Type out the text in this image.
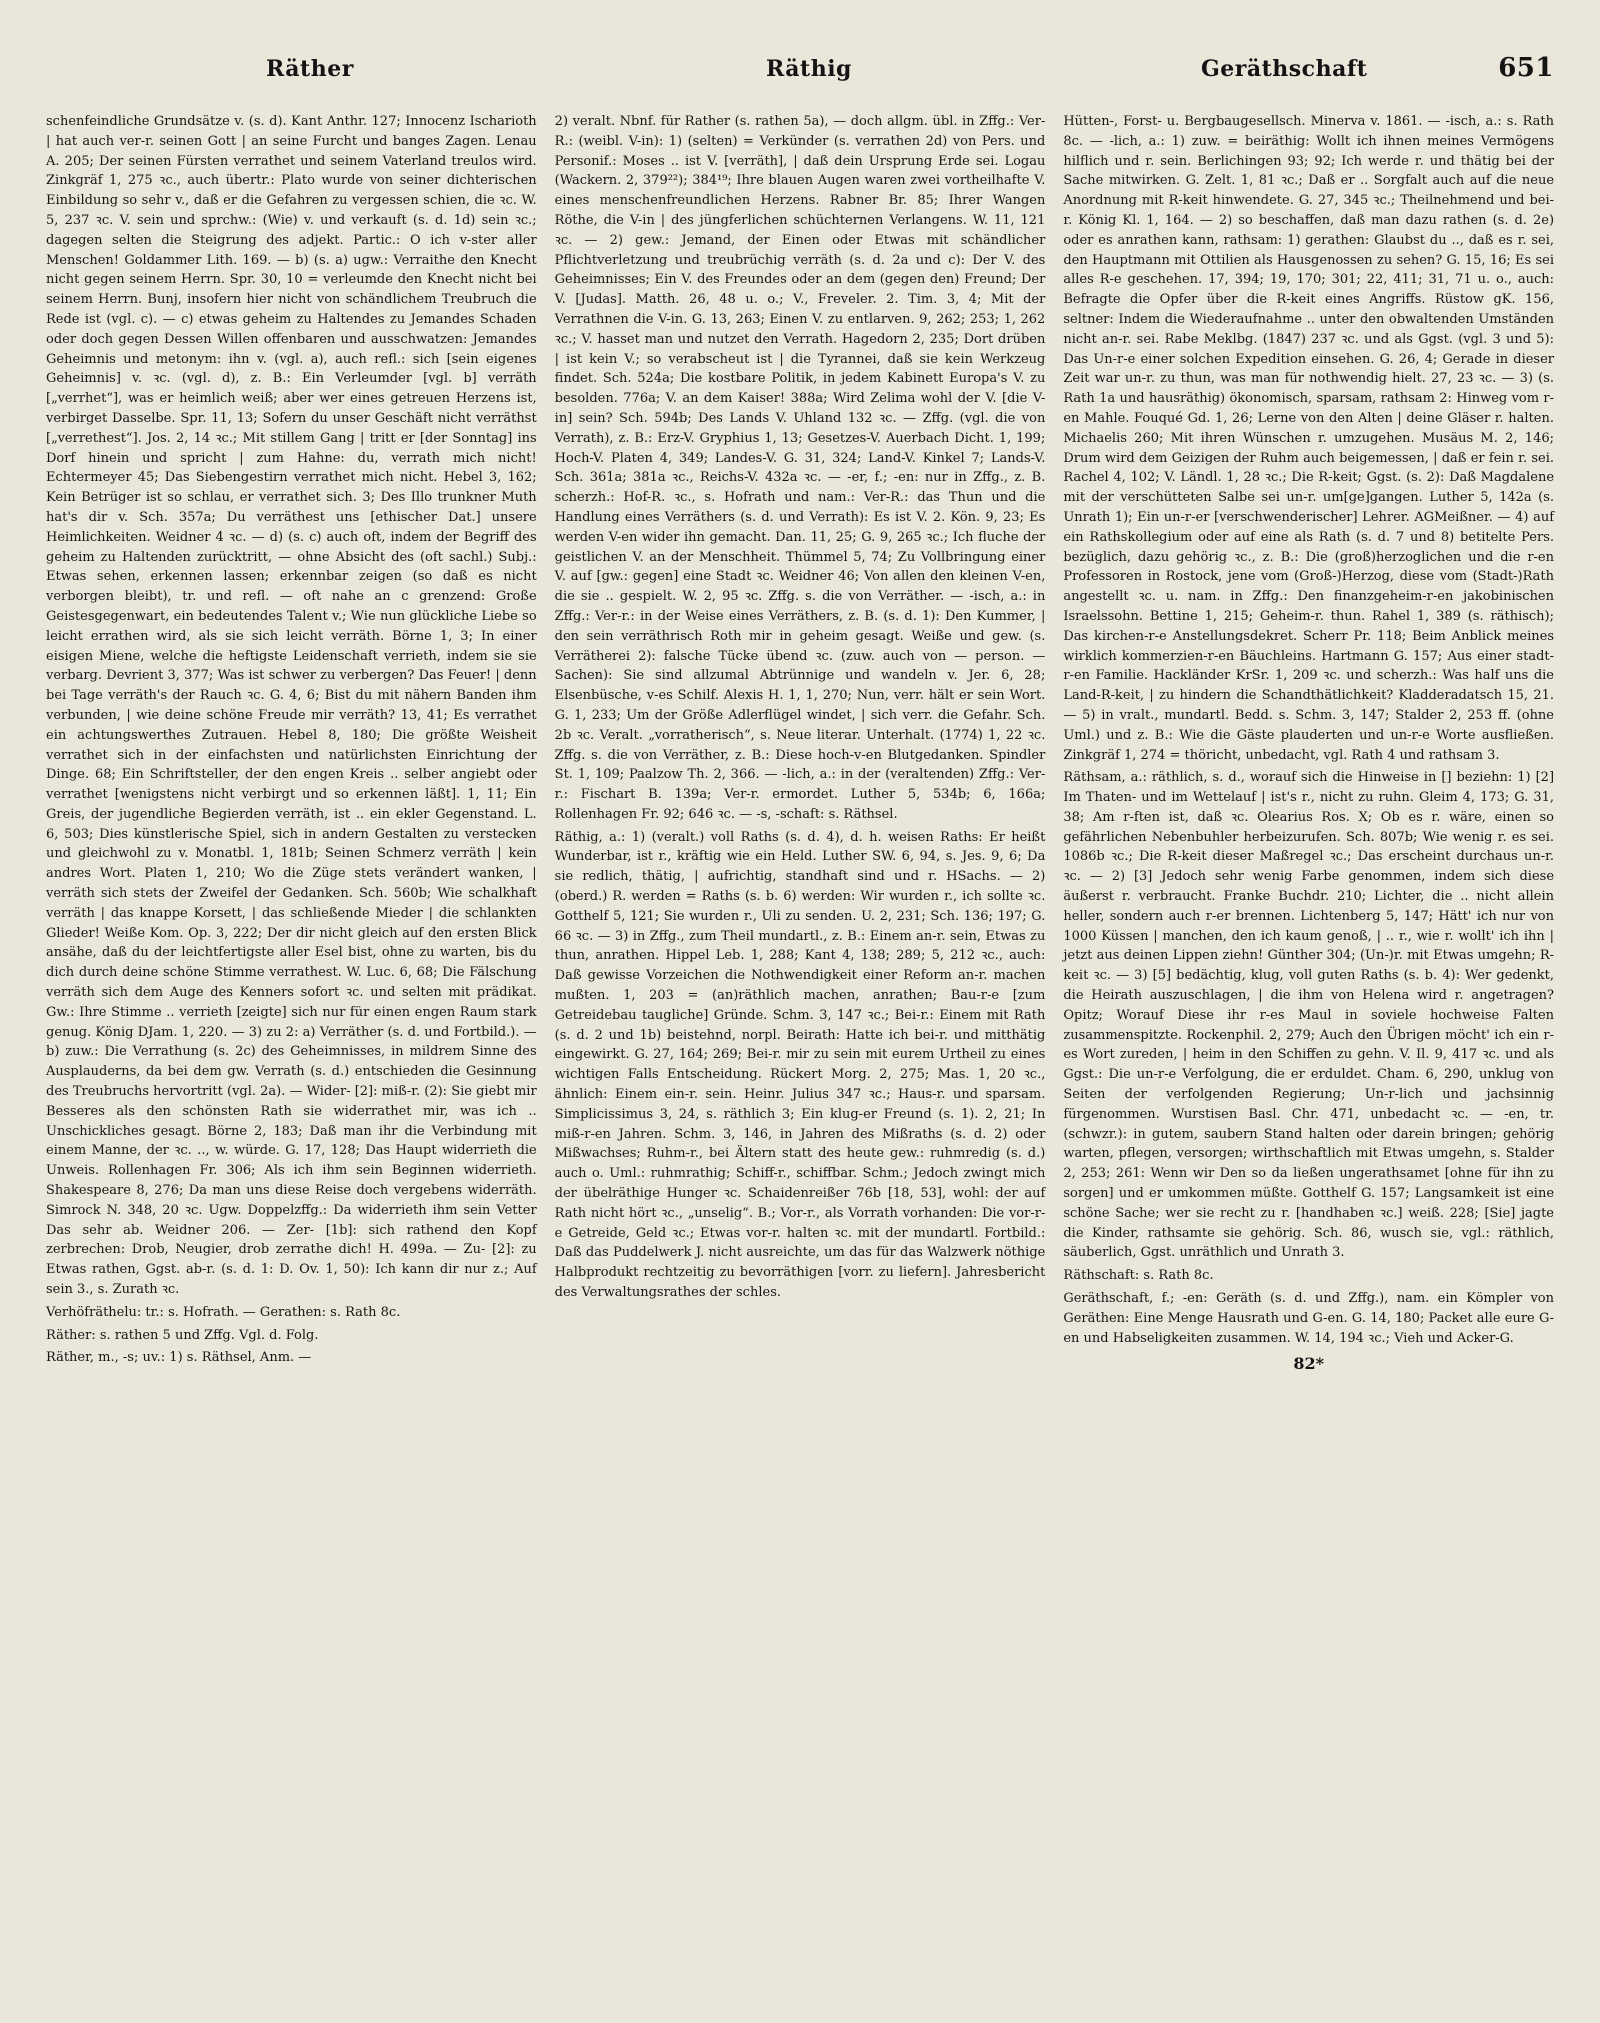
Räther	Räthig	Geräthschaft	651

schenfeindliche Grundsätze v. (s. d). Kant Anthr. 127; Innocenz Ischarioth | hat auch ver-r. seinen Gott | an seine Furcht und banges Zagen. Lenau A. 205; Der seinen Fürsten verrathet und seinem Vaterland treulos wird. Zinkgräf 1, 275 ꝛc., auch übertr.: Plato wurde von seiner dichterischen Einbildung so sehr v., daß er die Gefahren zu vergessen schien, die ꝛc. W. 5, 237 ꝛc. V. sein und sprchw.: (Wie) v. und verkauft (s. d. 1d) sein ꝛc.; dagegen selten die Steigrung des adjekt. Partic.: O ich v-ster aller Menschen! Goldammer Lith. 169. — b) (s. a) ugw.: Verraithe den Knecht nicht gegen seinem Herrn. Spr. 30, 10 = verleumde den Knecht nicht bei seinem Herrn. Bunj, insofern hier nicht von schändlichem Treubruch die Rede ist (vgl. c). — c) etwas geheim zu Haltendes zu Jemandes Schaden oder doch gegen Dessen Willen offenbaren und ausschwatzen: Jemandes Geheimnis und metonym: ihn v. (vgl. a), auch refl.: sich [sein eigenes Geheimnis] v. ꝛc. (vgl. d), z. B.: Ein Verleumder [vgl. b] verräth [„verrhet“], was er heimlich weiß; aber wer eines getreuen Herzens ist, verbirget Dasselbe. Spr. 11, 13; Sofern du unser Geschäft nicht verräthst [„verrethest“]. Jos. 2, 14 ꝛc.; Mit stillem Gang | tritt er [der Sonntag] ins Dorf hinein und spricht | zum Hahne: du, verrath mich nicht! Echtermeyer 45; Das Siebengestirn verrathet mich nicht. Hebel 3, 162; Kein Betrüger ist so schlau, er verrathet sich. 3; Des Illo trunkner Muth hat's dir v. Sch. 357a; Du verräthest uns [ethischer Dat.] unsere Heimlichkeiten. Weidner 4 ꝛc. — d) (s. c) auch oft, indem der Begriff des geheim zu Haltenden zurücktritt, — ohne Absicht des (oft sachl.) Subj.: Etwas sehen, erkennen lassen; erkennbar zeigen (so daß es nicht verborgen bleibt), tr. und refl. — oft nahe an c grenzend: Große Geistesgegenwart, ein bedeutendes Talent v.; Wie nun glückliche Liebe so leicht errathen wird, als sie sich leicht verräth. Börne 1, 3; In einer eisigen Miene, welche die heftigste Leidenschaft verrieth, indem sie sie verbarg. Devrient 3, 377; Was ist schwer zu verbergen? Das Feuer! | denn bei Tage verräth's der Rauch ꝛc. G. 4, 6; Bist du mit nähern Banden ihm verbunden, | wie deine schöne Freude mir verräth? 13, 41; Es verrathet ein achtungswerthes Zutrauen. Hebel 8, 180; Die größte Weisheit verrathet sich in der einfachsten und natürlichsten Einrichtung der Dinge. 68; Ein Schriftsteller, der den engen Kreis .. selber angiebt oder verrathet [wenigstens nicht verbirgt und so erkennen läßt]. 1, 11; Ein Greis, der jugendliche Begierden verräth, ist .. ein ekler Gegenstand. L. 6, 503; Dies künstlerische Spiel, sich in andern Gestalten zu verstecken und gleichwohl zu v. Monatbl. 1, 181b; Seinen Schmerz verräth | kein andres Wort. Platen 1, 210; Wo die Züge stets verändert wanken, | verräth sich stets der Zweifel der Gedanken. Sch. 560b; Wie schalkhaft verräth | das knappe Korsett, | das schließende Mieder | die schlankten Glieder! Weiße Kom. Op. 3, 222; Der dir nicht gleich auf den ersten Blick ansähe, daß du der leichtfertigste aller Esel bist, ohne zu warten, bis du dich durch deine schöne Stimme verrathest. W. Luc. 6, 68; Die Fälschung verräth sich dem Auge des Kenners sofort ꝛc. und selten mit prädikat. Gw.: Ihre Stimme .. verrieth [zeigte] sich nur für einen engen Raum stark genug. König DJam. 1, 220. — 3) zu 2: a) Verräther (s. d. und Fortbild.). — b) zuw.: Die Verrathung (s. 2c) des Geheimnisses, in mildrem Sinne des Ausplauderns, da bei dem gw. Verrath (s. d.) entschieden die Gesinnung des Treubruchs hervortritt (vgl. 2a). — Wider- [2]: miß-r. (2): Sie giebt mir Besseres als den schönsten Rath sie widerrathet mir, was ich .. Unschickliches gesagt. Börne 2, 183; Daß man ihr die Verbindung mit einem Manne, der ꝛc. .., w. würde. G. 17, 128; Das Haupt widerrieth die Unweis. Rollenhagen Fr. 306; Als ich ihm sein Beginnen widerrieth. Shakespeare 8, 276; Da man uns diese Reise doch vergebens widerräth. Simrock N. 348, 20 ꝛc. Ugw. Doppelzffg.: Da widerrieth ihm sein Vetter Das sehr ab. Weidner 206. — Zer- [1b]: sich rathend den Kopf zerbrechen: Drob, Neugier, drob zerrathe dich! H. 499a. — Zu- [2]: zu Etwas rathen, Ggst. ab-r. (s. d. 1: D. Ov. 1, 50): Ich kann dir nur z.; Auf sein 3., s. Zurath ꝛc.

Verhöfräthelu: tr.: s. Hofrath. — Gerathen: s. Rath 8c.

Räther: s. rathen 5 und Zffg. Vgl. d. Folg.

Räther, m., -s; uv.: 1) s. Räthsel, Anm. —

2) veralt. Nbnf. für Rather (s. rathen 5a), — doch allgm. übl. in Zffg.: Ver-R.: (weibl. V-in): 1) (selten) = Verkünder (s. verrathen 2d) von Pers. und Personif.: Moses .. ist V. [verräth], | daß dein Ursprung Erde sei. Logau (Wackern. 2, 379²²); 384¹⁹; Ihre blauen Augen waren zwei vortheilhafte V. eines menschenfreundlichen Herzens. Rabner Br. 85; Ihrer Wangen Röthe, die V-in | des jüngferlichen schüchternen Verlangens. W. 11, 121 ꝛc. — 2) gew.: Jemand, der Einen oder Etwas mit schändlicher Pflichtverletzung und treubrüchig verräth (s. d. 2a und c): Der V. des Geheimnisses; Ein V. des Freundes oder an dem (gegen den) Freund; Der V. [Judas]. Matth. 26, 48 u. o.; V., Freveler. 2. Tim. 3, 4; Mit der Verrathnen die V-in. G. 13, 263; Einen V. zu entlarven. 9, 262; 253; 1, 262 ꝛc.; V. hasset man und nutzet den Verrath. Hagedorn 2, 235; Dort drüben | ist kein V.; so verabscheut ist | die Tyrannei, daß sie kein Werkzeug findet. Sch. 524a; Die kostbare Politik, in jedem Kabinett Europa's V. zu besolden. 776a; V. an dem Kaiser! 388a; Wird Zelima wohl der V. [die V-in] sein? Sch. 594b; Des Lands V. Uhland 132 ꝛc. — Zffg. (vgl. die von Verrath), z. B.: Erz-V. Gryphius 1, 13; Gesetzes-V. Auerbach Dicht. 1, 199; Hoch-V. Platen 4, 349; Landes-V. G. 31, 324; Land-V. Kinkel 7; Lands-V. Sch. 361a; 381a ꝛc., Reichs-V. 432a ꝛc. — -er, f.; -en: nur in Zffg., z. B. scherzh.: Hof-R. ꝛc., s. Hofrath und nam.: Ver-R.: das Thun und die Handlung eines Verräthers (s. d. und Verrath): Es ist V. 2. Kön. 9, 23; Es werden V-en wider ihn gemacht. Dan. 11, 25; G. 9, 265 ꝛc.; Ich fluche der geistlichen V. an der Menschheit. Thümmel 5, 74; Zu Vollbringung einer V. auf [gw.: gegen] eine Stadt ꝛc. Weidner 46; Von allen den kleinen V-en, die sie .. gespielt. W. 2, 95 ꝛc. Zffg. s. die von Verräther. — -isch, a.: in Zffg.: Ver-r.: in der Weise eines Verräthers, z. B. (s. d. 1): Den Kummer, | den sein verräthrisch Roth mir in geheim gesagt. Weiße und gew. (s. Verrätherei 2): falsche Tücke übend ꝛc. (zuw. auch von — person. — Sachen): Sie sind allzumal Abtrünnige und wandeln v. Jer. 6, 28; Elsenbüsche, v-es Schilf. Alexis H. 1, 1, 270; Nun, verr. hält er sein Wort. G. 1, 233; Um der Größe Adlerflügel windet, | sich verr. die Gefahr. Sch. 2b ꝛc. Veralt. „vorratherisch“, s. Neue literar. Unterhalt. (1774) 1, 22 ꝛc. Zffg. s. die von Verräther, z. B.: Diese hoch-v-en Blutgedanken. Spindler St. 1, 109; Paalzow Th. 2, 366. — -lich, a.: in der (veraltenden) Zffg.: Ver-r.: Fischart B. 139a; Ver-r. ermordet. Luther 5, 534b; 6, 166a; Rollenhagen Fr. 92; 646 ꝛc. — -s, -schaft: s. Räthsel.

Räthig, a.: 1) (veralt.) voll Raths (s. d. 4), d. h. weisen Raths: Er heißt Wunderbar, ist r., kräftig wie ein Held. Luther SW. 6, 94, s. Jes. 9, 6; Da sie redlich, thätig, | aufrichtig, standhaft sind und r. HSachs. — 2) (oberd.) R. werden = Raths (s. b. 6) werden: Wir wurden r., ich sollte ꝛc. Gotthelf 5, 121; Sie wurden r., Uli zu senden. U. 2, 231; Sch. 136; 197; G. 66 ꝛc. — 3) in Zffg., zum Theil mundartl., z. B.: Einem an-r. sein, Etwas zu thun, anrathen. Hippel Leb. 1, 288; Kant 4, 138; 289; 5, 212 ꝛc., auch: Daß gewisse Vorzeichen die Nothwendigkeit einer Reform an-r. machen mußten. 1, 203 = (an)räthlich machen, anrathen; Bau-r-e [zum Getreidebau taugliche] Gründe. Schm. 3, 147 ꝛc.; Bei-r.: Einem mit Rath (s. d. 2 und 1b) beistehnd, norpl. Beirath: Hatte ich bei-r. und mitthätig eingewirkt. G. 27, 164; 269; Bei-r. mir zu sein mit eurem Urtheil zu eines wichtigen Falls Entscheidung. Rückert Morg. 2, 275; Mas. 1, 20 ꝛc., ähnlich: Einem ein-r. sein. Heinr. Julius 347 ꝛc.; Haus-r. und sparsam. Simplicissimus 3, 24, s. räthlich 3; Ein klug-er Freund (s. 1). 2, 21; In miß-r-en Jahren. Schm. 3, 146, in Jahren des Mißraths (s. d. 2) oder Mißwachses; Ruhm-r., bei Ältern statt des heute gew.: ruhmredig (s. d.) auch o. Uml.: ruhmrathig; Schiff-r., schiffbar. Schm.; Jedoch zwingt mich der übelräthige Hunger ꝛc. Schaidenreißer 76b [18, 53], wohl: der auf Rath nicht hört ꝛc., „unselig“. B.; Vor-r., als Vorrath vorhanden: Die vor-r-e Getreide, Geld ꝛc.; Etwas vor-r. halten ꝛc. mit der mundartl. Fortbild.: Daß das Puddelwerk J. nicht ausreichte, um das für das Walzwerk nöthige Halbprodukt rechtzeitig zu bevorräthigen [vorr. zu liefern]. Jahresbericht des Verwaltungsrathes der schles.

Hütten-, Forst- u. Bergbaugesellsch. Minerva v. 1861. — -isch, a.: s. Rath 8c. — -lich, a.: 1) zuw. = beiräthig: Wollt ich ihnen meines Vermögens hilflich und r. sein. Berlichingen 93; 92; Ich werde r. und thätig bei der Sache mitwirken. G. Zelt. 1, 81 ꝛc.; Daß er .. Sorgfalt auch auf die neue Anordnung mit R-keit hinwendete. G. 27, 345 ꝛc.; Theilnehmend und bei-r. König Kl. 1, 164. — 2) so beschaffen, daß man dazu rathen (s. d. 2e) oder es anrathen kann, rathsam: 1) gerathen: Glaubst du .., daß es r. sei, den Hauptmann mit Ottilien als Hausgenossen zu sehen? G. 15, 16; Es sei alles R-e geschehen. 17, 394; 19, 170; 301; 22, 411; 31, 71 u. o., auch: Befragte die Opfer über die R-keit eines Angriffs. Rüstow gK. 156, seltner: Indem die Wiederaufnahme .. unter den obwaltenden Umständen nicht an-r. sei. Rabe Meklbg. (1847) 237 ꝛc. und als Ggst. (vgl. 3 und 5): Das Un-r-e einer solchen Expedition einsehen. G. 26, 4; Gerade in dieser Zeit war un-r. zu thun, was man für nothwendig hielt. 27, 23 ꝛc. — 3) (s. Rath 1a und hausräthig) ökonomisch, sparsam, rathsam 2: Hinweg vom r-en Mahle. Fouqué Gd. 1, 26; Lerne von den Alten | deine Gläser r. halten. Michaelis 260; Mit ihren Wünschen r. umzugehen. Musäus M. 2, 146; Drum wird dem Geizigen der Ruhm auch beigemessen, | daß er fein r. sei. Rachel 4, 102; V. Ländl. 1, 28 ꝛc.; Die R-keit; Ggst. (s. 2): Daß Magdalene mit der verschütteten Salbe sei un-r. um[ge]gangen. Luther 5, 142a (s. Unrath 1); Ein un-r-er [verschwenderischer] Lehrer. AGMeißner. — 4) auf ein Rathskollegium oder auf eine als Rath (s. d. 7 und 8) betitelte Pers. bezüglich, dazu gehörig ꝛc., z. B.: Die (groß)herzoglichen und die r-en Professoren in Rostock, jene vom (Groß-)Herzog, diese vom (Stadt-)Rath angestellt ꝛc. u. nam. in Zffg.: Den finanzgeheim-r-en jakobinischen Israelssohn. Bettine 1, 215; Geheim-r. thun. Rahel 1, 389 (s. räthisch); Das kirchen-r-e Anstellungsdekret. Scherr Pr. 118; Beim Anblick meines wirklich kommerzien-r-en Bäuchleins. Hartmann G. 157; Aus einer stadt-r-en Familie. Hackländer KrSr. 1, 209 ꝛc. und scherzh.: Was half uns die Land-R-keit, | zu hindern die Schandthätlichkeit? Kladderadatsch 15, 21. — 5) in vralt., mundartl. Bedd. s. Schm. 3, 147; Stalder 2, 253 ff. (ohne Uml.) und z. B.: Wie die Gäste plauderten und un-r-e Worte ausfließen. Zinkgräf 1, 274 = thöricht, unbedacht, vgl. Rath 4 und rathsam 3.

Räthsam, a.: räthlich, s. d., worauf sich die Hinweise in [] beziehn: 1) [2] Im Thaten- und im Wettelauf | ist's r., nicht zu ruhn. Gleim 4, 173; G. 31, 38; Am r-ften ist, daß ꝛc. Olearius Ros. X; Ob es r. wäre, einen so gefährlichen Nebenbuhler herbeizurufen. Sch. 807b; Wie wenig r. es sei. 1086b ꝛc.; Die R-keit dieser Maßregel ꝛc.; Das erscheint durchaus un-r. ꝛc. — 2) [3] Jedoch sehr wenig Farbe genommen, indem sich diese äußerst r. verbraucht. Franke Buchdr. 210; Lichter, die .. nicht allein heller, sondern auch r-er brennen. Lichtenberg 5, 147; Hätt' ich nur von 1000 Küssen | manchen, den ich kaum genoß, | .. r., wie r. wollt' ich ihn | jetzt aus deinen Lippen ziehn! Günther 304; (Un-)r. mit Etwas umgehn; R-keit ꝛc. — 3) [5] bedächtig, klug, voll guten Raths (s. b. 4): Wer gedenkt, die Heirath auszuschlagen, | die ihm von Helena wird r. angetragen? Opitz; Worauf Diese ihr r-es Maul in soviele hochweise Falten zusammenspitzte. Rockenphil. 2, 279; Auch den Übrigen möcht' ich ein r-es Wort zureden, | heim in den Schiffen zu gehn. V. Il. 9, 417 ꝛc. und als Ggst.: Die un-r-e Verfolgung, die er erduldet. Cham. 6, 290, unklug von Seiten der verfolgenden Regierung; Un-r-lich und jachsinnig fürgenommen. Wurstisen Basl. Chr. 471, unbedacht ꝛc. — -en, tr. (schwzr.): in gutem, saubern Stand halten oder darein bringen; gehörig warten, pflegen, versorgen; wirthschaftlich mit Etwas umgehn, s. Stalder 2, 253; 261: Wenn wir Den so da ließen ungerathsamet [ohne für ihn zu sorgen] und er umkommen müßte. Gotthelf G. 157; Langsamkeit ist eine schöne Sache; wer sie recht zu r. [handhaben ꝛc.] weiß. 228; [Sie] jagte die Kinder, rathsamte sie gehörig. Sch. 86, wusch sie, vgl.: räthlich, säuberlich, Ggst. unräthlich und Unrath 3.

Räthschaft: s. Rath 8c.

Geräthschaft, f.; -en: Geräth (s. d. und Zffg.), nam. ein Kömpler von Geräthen: Eine Menge Hausrath und G-en. G. 14, 180; Packet alle eure G-en und Habseligkeiten zusammen. W. 14, 194 ꝛc.; Vieh und Acker-G.

82*
